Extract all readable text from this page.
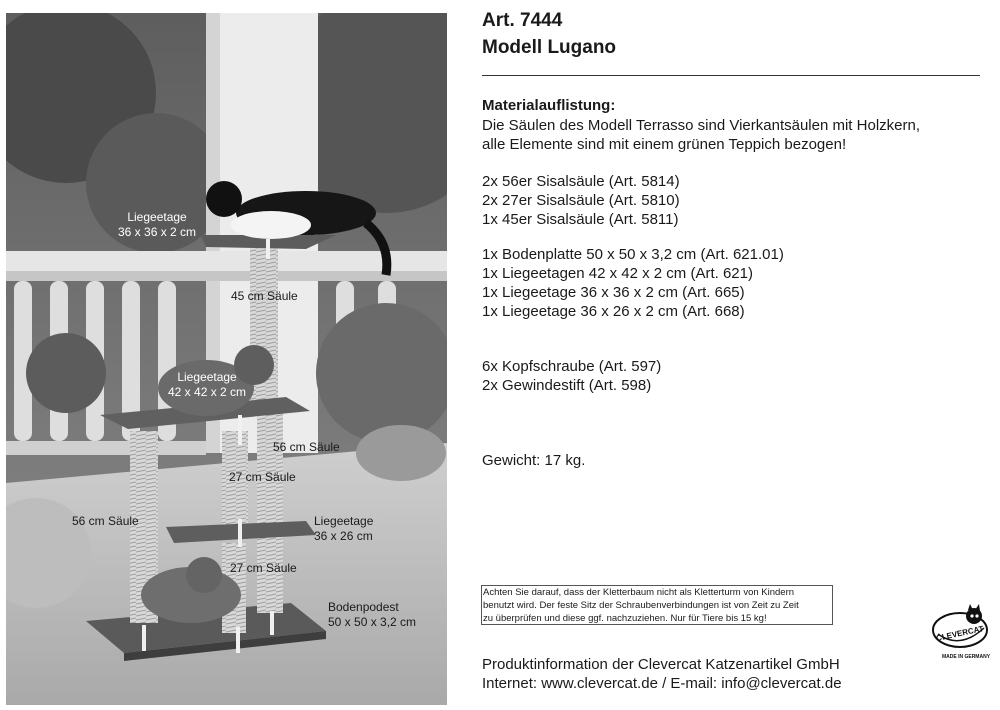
Liegeetage
36 x 36 x 2 cm
45 cm Säule
Liegeetage
42 x 42 x 2 cm
56 cm Säule
27 cm Säule
56 cm Säule	Liegeetage
36 x 26 cm
27 cm Säule
Bodenpodest
50 x 50 x 3,2 cm
Art. 7444
Modell Lugano
Materialauflistung:
Die Säulen des Modell Terrasso sind Vierkantsäulen mit Holzkern,
alle Elemente sind mit einem grünen Teppich bezogen!
2x 56er Sisalsäule (Art. 5814)
2x 27er Sisalsäule (Art. 5810)
1x 45er Sisalsäule (Art. 5811)
1x Bodenplatte 50 x 50 x 3,2 cm (Art. 621.01)
1x Liegeetagen 42 x 42 x 2 cm (Art. 621)
1x Liegeetage 36 x 36 x 2 cm (Art. 665)
1x Liegeetage 36 x 26 x 2 cm (Art. 668)
6x Kopfschraube (Art. 597)
2x Gewindestift (Art. 598)
Gewicht: 17 kg.
Achten Sie darauf, dass der Kletterbaum nicht als Kletterturm von Kindern
benutzt wird. Der feste Sitz der Schraubenverbindungen ist von Zeit zu Zeit
zu überprüfen und diese ggf. nachzuziehen. Nur für Tiere bis 15 kg!
CLEVERCAT
MADE IN GERMANY
Produktinformation der Clevercat Katzenartikel GmbH
Internet: www.clevercat.de / E-mail: info@clevercat.de
